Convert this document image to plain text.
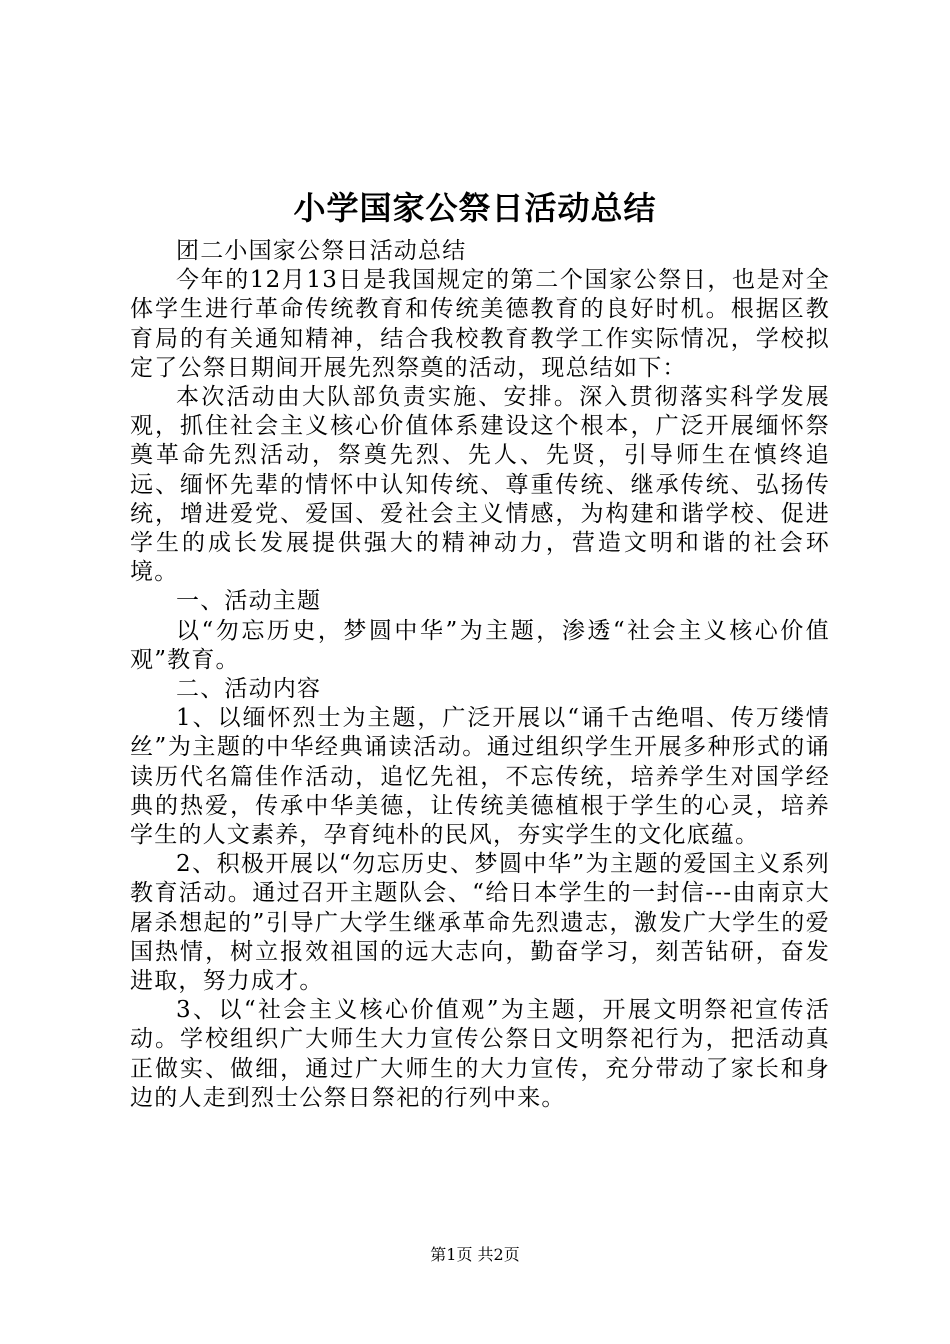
小学国家公祭日活动总结

团二小国家公祭日活动总结

今年的12月13日是我国规定的第二个国家公祭日，也是对全体学生进行革命传统教育和传统美德教育的良好时机。根据区教育局的有关通知精神，结合我校教育教学工作实际情况，学校拟定了公祭日期间开展先烈祭奠的活动，现总结如下：

本次活动由大队部负责实施、安排。深入贯彻落实科学发展观，抓住社会主义核心价值体系建设这个根本，广泛开展缅怀祭奠革命先烈活动，祭奠先烈、先人、先贤，引导师生在慎终追远、缅怀先辈的情怀中认知传统、尊重传统、继承传统、弘扬传统，增进爱党、爱国、爱社会主义情感，为构建和谐学校、促进学生的成长发展提供强大的精神动力，营造文明和谐的社会环境。

一、活动主题

以“勿忘历史，梦圆中华”为主题，渗透“社会主义核心价值观”教育。

二、活动内容

1、以缅怀烈士为主题，广泛开展以“诵千古绝唱、传万缕情丝”为主题的中华经典诵读活动。通过组织学生开展多种形式的诵读历代名篇佳作活动，追忆先祖，不忘传统，培养学生对国学经典的热爱，传承中华美德，让传统美德植根于学生的心灵，培养学生的人文素养，孕育纯朴的民风，夯实学生的文化底蕴。

2、积极开展以“勿忘历史、梦圆中华”为主题的爱国主义系列教育活动。通过召开主题队会、“给日本学生的一封信---由南京大屠杀想起的”引导广大学生继承革命先烈遗志，激发广大学生的爱国热情，树立报效祖国的远大志向，勤奋学习，刻苦钻研，奋发进取，努力成才。

3、以“社会主义核心价值观”为主题，开展文明祭祀宣传活动。学校组织广大师生大力宣传公祭日文明祭祀行为，把活动真正做实、做细，通过广大师生的大力宣传，充分带动了家长和身边的人走到烈士公祭日祭祀的行列中来。

第1页 共2页
